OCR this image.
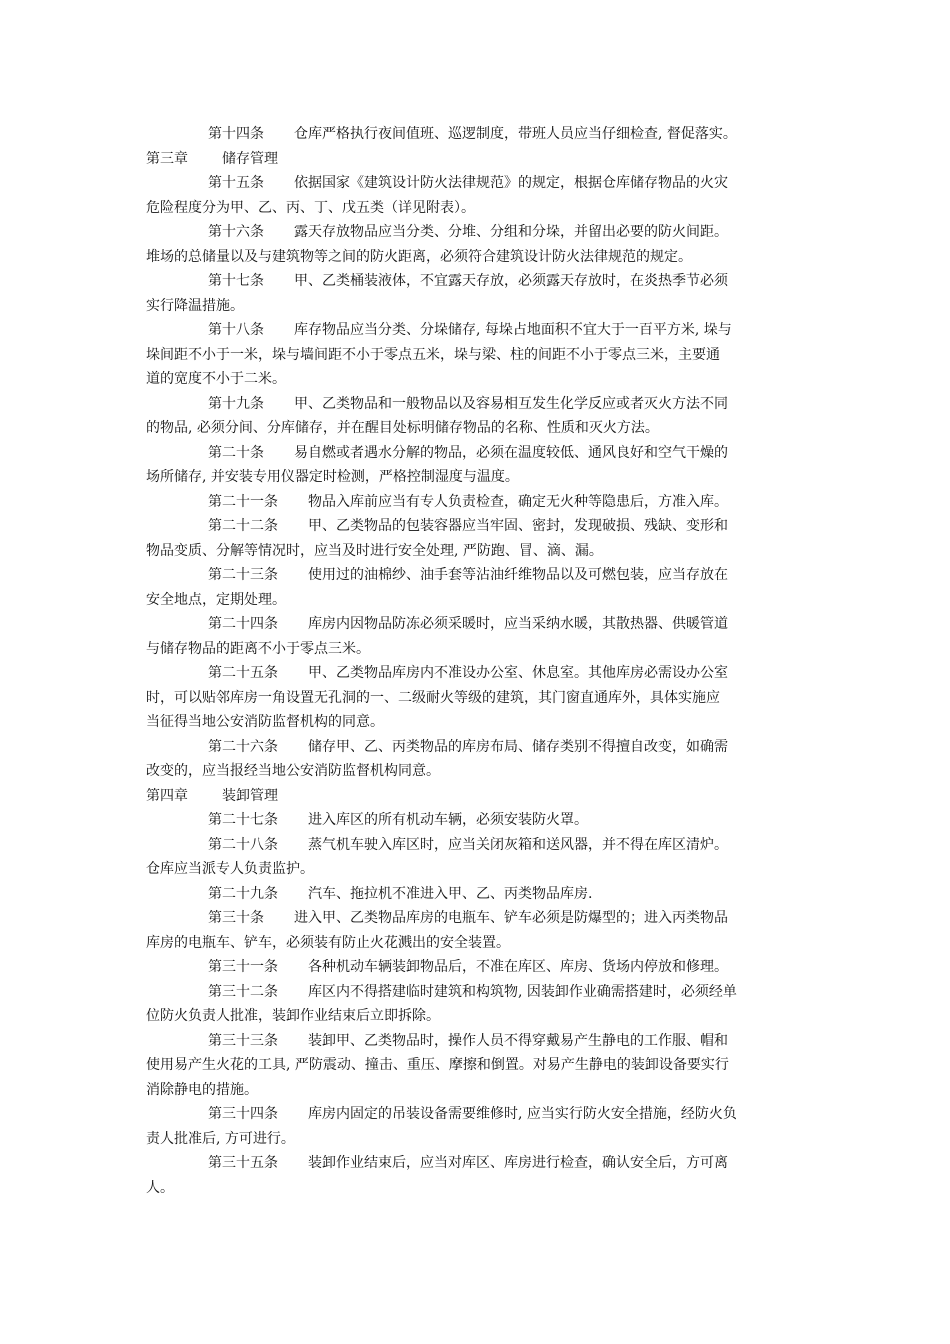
第十四条 仓库严格执行夜间值班、巡逻制度，带班人员应当仔细检查, 督促落实。
第三章 储存管理
第十五条 依据国家《建筑设计防火法律规范》的规定，根据仓库储存物品的火灾
危险程度分为甲、乙、丙、丁、戊五类（详见附表）。
第十六条 露天存放物品应当分类、分堆、分组和分垛，并留出必要的防火间距。
堆场的总储量以及与建筑物等之间的防火距离，必须符合建筑设计防火法律规范的规定。
第十七条 甲、乙类桶装液体，不宜露天存放，必须露天存放时，在炎热季节必须
实行降温措施。
第十八条 库存物品应当分类、分垛储存, 每垛占地面积不宜大于一百平方米, 垛与
垛间距不小于一米，垛与墙间距不小于零点五米，垛与梁、柱的间距不小于零点三米，主要通
道的宽度不小于二米。
第十九条 甲、乙类物品和一般物品以及容易相互发生化学反应或者灭火方法不同
的物品, 必须分间、分库储存，并在醒目处标明储存物品的名称、性质和灭火方法。
第二十条 易自燃或者遇水分解的物品，必须在温度较低、通风良好和空气干燥的
场所储存, 并安装专用仪器定时检测，严格控制湿度与温度。
第二十一条 物品入库前应当有专人负责检查，确定无火种等隐患后，方准入库。
第二十二条 甲、乙类物品的包装容器应当牢固、密封，发现破损、残缺、变形和
物品变质、分解等情况时，应当及时进行安全处理, 严防跑、冒、滴、漏。
第二十三条 使用过的油棉纱、油手套等沾油纤维物品以及可燃包装，应当存放在
安全地点，定期处理。
第二十四条 库房内因物品防冻必须采暖时，应当采纳水暖，其散热器、供暖管道
与储存物品的距离不小于零点三米。
第二十五条 甲、乙类物品库房内不准设办公室、休息室。其他库房必需设办公室
时，可以贴邻库房一角设置无孔洞的一、二级耐火等级的建筑，其门窗直通库外，具体实施应
当征得当地公安消防监督机构的同意。
第二十六条 储存甲、乙、丙类物品的库房布局、储存类别不得擅自改变，如确需
改变的，应当报经当地公安消防监督机构同意。
第四章 装卸管理
第二十七条 进入库区的所有机动车辆，必须安装防火罩。
第二十八条 蒸气机车驶入库区时，应当关闭灰箱和送风器，并不得在库区清炉。
仓库应当派专人负责监护。
第二十九条 汽车、拖拉机不准进入甲、乙、丙类物品库房.
第三十条 进入甲、乙类物品库房的电瓶车、铲车必须是防爆型的；进入丙类物品
库房的电瓶车、铲车，必须装有防止火花溅出的安全装置。
第三十一条 各种机动车辆装卸物品后，不准在库区、库房、货场内停放和修理。
第三十二条 库区内不得搭建临时建筑和构筑物, 因装卸作业确需搭建时，必须经单
位防火负责人批准，装卸作业结束后立即拆除。
第三十三条 装卸甲、乙类物品时，操作人员不得穿戴易产生静电的工作服、帽和
使用易产生火花的工具, 严防震动、撞击、重压、摩擦和倒置。对易产生静电的装卸设备要实行
消除静电的措施。
第三十四条 库房内固定的吊装设备需要维修时, 应当实行防火安全措施，经防火负
责人批准后, 方可进行。
第三十五条 装卸作业结束后，应当对库区、库房进行检查，确认安全后，方可离
人。
